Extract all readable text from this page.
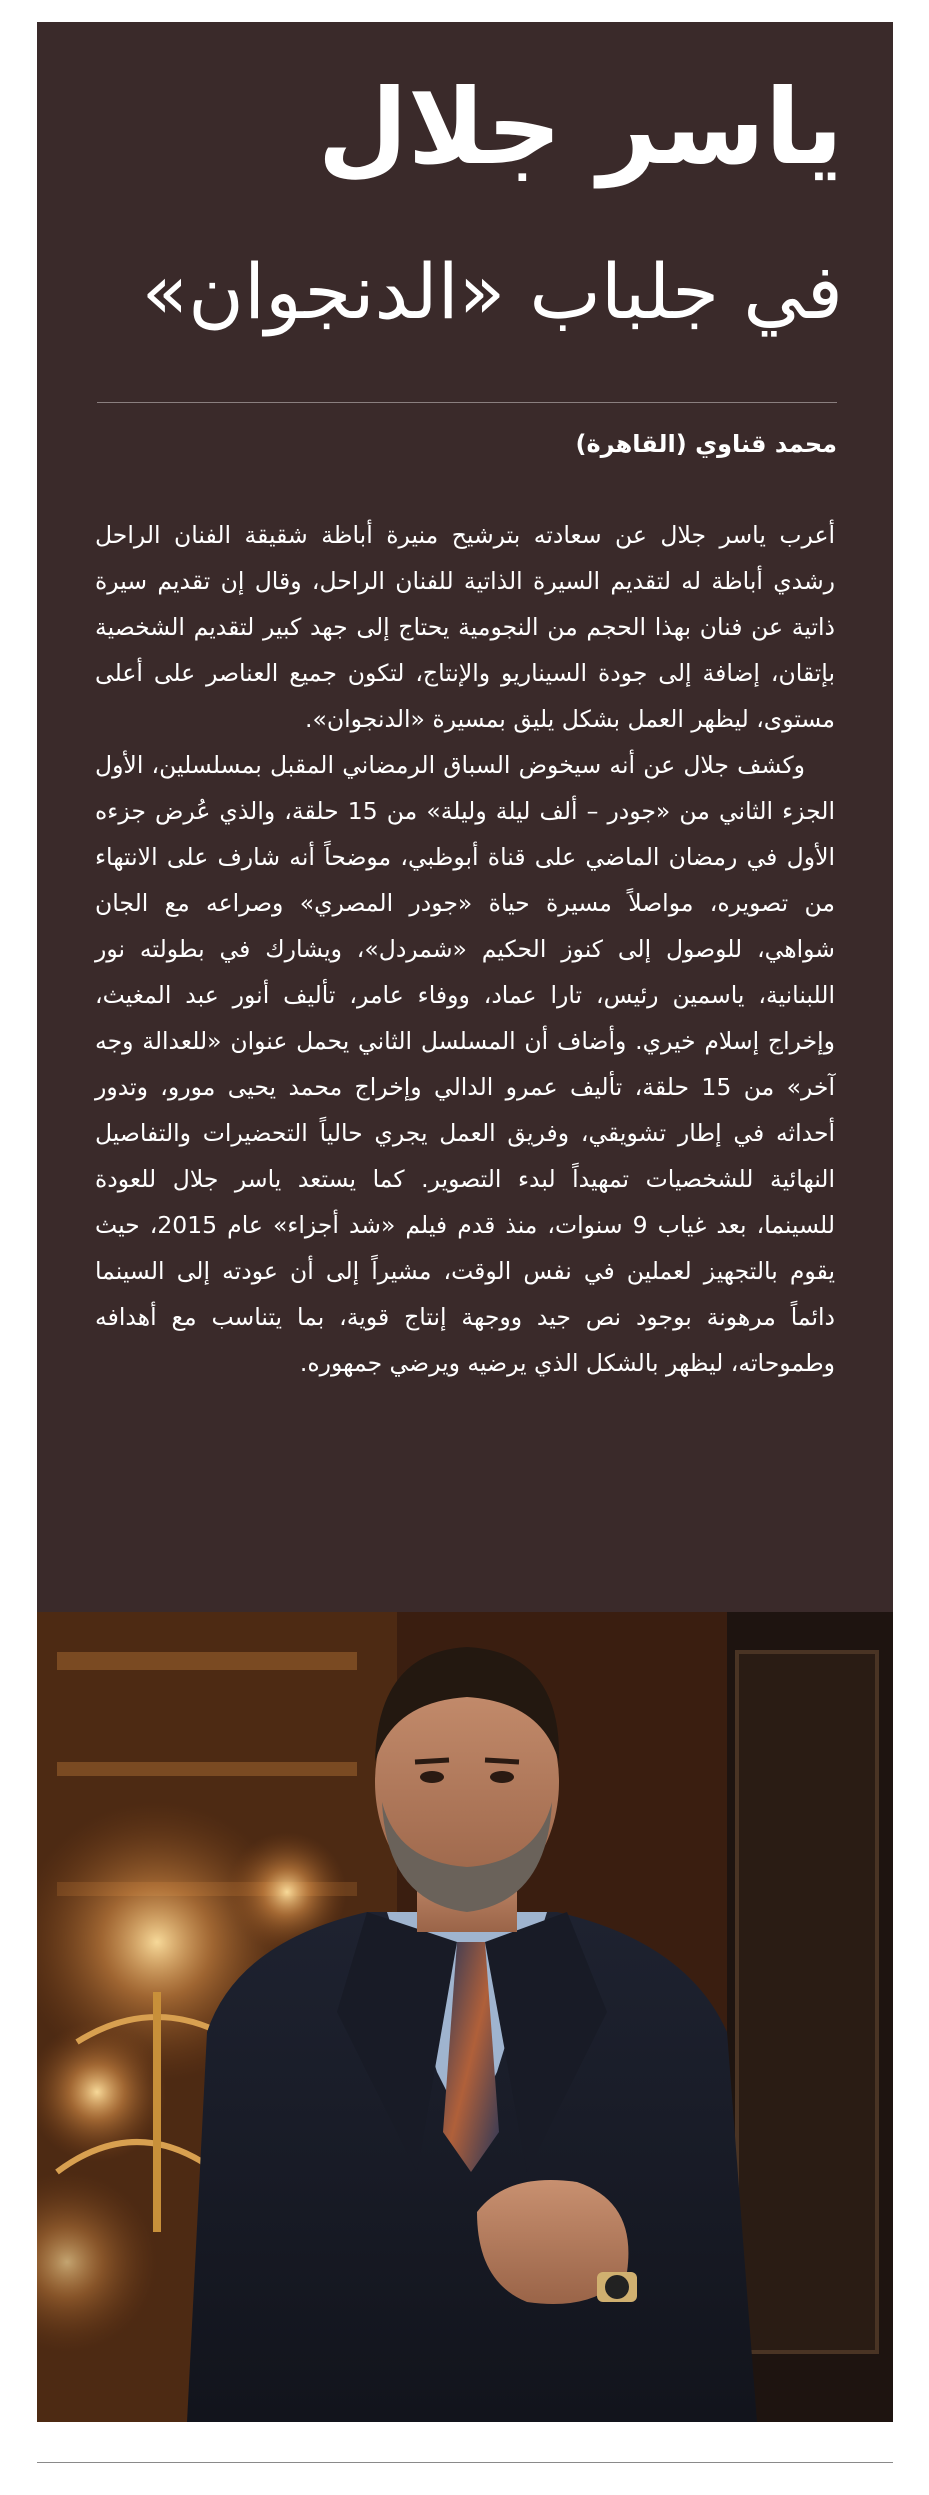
ياسر جلال
في جلباب «الدنجوان»
محمد قناوي (القاهرة)

أعرب ياسر جلال عن سعادته بترشيح منيرة أباظة شقيقة الفنان الراحل رشدي أباظة له لتقديم السيرة الذاتية للفنان الراحل، وقال إن تقديم سيرة ذاتية عن فنان بهذا الحجم من النجومية يحتاج إلى جهد كبير لتقديم الشخصية بإتقان، إضافة إلى جودة السيناريو والإنتاج، لتكون جميع العناصر على أعلى مستوى، ليظهر العمل بشكل يليق بمسيرة «الدنجوان».

وكشف جلال عن أنه سيخوض السباق الرمضاني المقبل بمسلسلين، الأول الجزء الثاني من «جودر – ألف ليلة وليلة» من 15 حلقة، والذي عُرض جزءه الأول في رمضان الماضي على قناة أبوظبي، موضحاً أنه شارف على الانتهاء من تصويره، مواصلاً مسيرة حياة «جودر المصري» وصراعه مع الجان شواهي، للوصول إلى كنوز الحكيم «شمردل»، ويشارك في بطولته نور اللبنانية، ياسمين رئيس، تارا عماد، ووفاء عامر، تأليف أنور عبد المغيث، وإخراج إسلام خيري. وأضاف أن المسلسل الثاني يحمل عنوان «للعدالة وجه آخر» من 15 حلقة، تأليف عمرو الدالي وإخراج محمد يحيى مورو، وتدور أحداثه في إطار تشويقي، وفريق العمل يجري حالياً التحضيرات والتفاصيل النهائية للشخصيات تمهيداً لبدء التصوير. كما يستعد ياسر جلال للعودة للسينما، بعد غياب 9 سنوات، منذ قدم فيلم «شد أجزاء» عام 2015، حيث يقوم بالتجهيز لعملين في نفس الوقت، مشيراً إلى أن عودته إلى السينما دائماً مرهونة بوجود نص جيد ووجهة إنتاج قوية، بما يتناسب مع أهدافه وطموحاته، ليظهر بالشكل الذي يرضيه ويرضي جمهوره.
